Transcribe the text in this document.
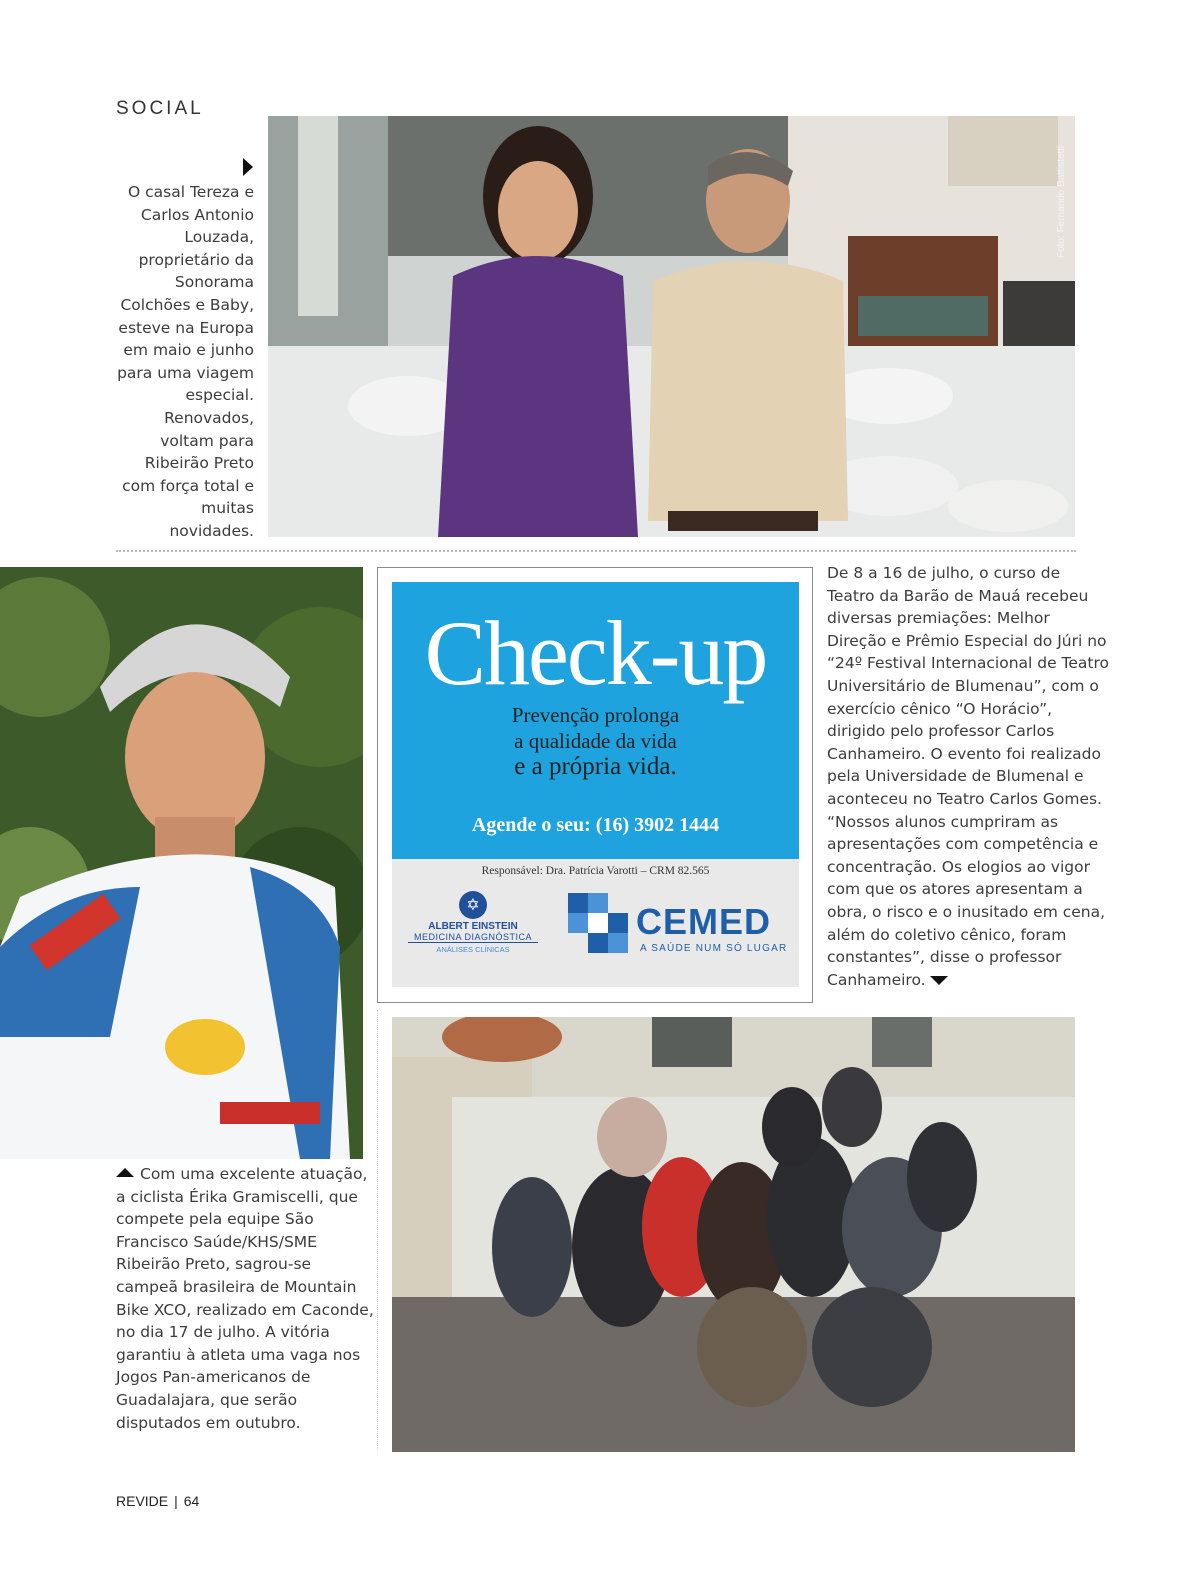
SOCIAL
Foto: Fernando Battistetti
O casal Tereza e Carlos Antonio Louzada, proprietário da Sonorama Colchões e Baby, esteve na Europa em maio e junho para uma viagem especial. Renovados, voltam para Ribeirão Preto com força total e muitas novidades.
Check-up
Prevenção prolonga
a qualidade da vida
e a própria vida.
Agende o seu: (16) 3902 1444
Responsável: Dra. Patrícia Varotti – CRM 82.565
✡
ALBERT EINSTEIN
MEDICINA DIAGNÓSTICA
ANÁLISES CLÍNICAS
CEMED
A SAÚDE NUM SÓ LUGAR
De 8 a 16 de julho, o curso de Teatro da Barão de Mauá recebeu diversas premiações: Melhor Direção e Prêmio Especial do Júri no “24º Festival Internacional de Teatro Universitário de Blumenau”, com o exercício cênico “O Horácio”, dirigido pelo professor Carlos Canhameiro. O evento foi realizado pela Universidade de Blumenal e aconteceu no Teatro Carlos Gomes. “Nossos alunos cumpriram as apresentações com competência e concentração. Os elogios ao vigor com que os atores apresentam a obra, o risco e o inusitado em cena, além do coletivo cênico, foram constantes”, disse o professor Canhameiro.
Com uma excelente atuação, a ciclista Érika Gramiscelli, que compete pela equipe São Francisco Saúde/KHS/SME Ribeirão Preto, sagrou-se campeã brasileira de Mountain Bike XCO, realizado em Caconde, no dia 17 de julho. A vitória garantiu à atleta uma vaga nos Jogos Pan-americanos de Guadalajara, que serão disputados em outubro.
REVIDE | 64
